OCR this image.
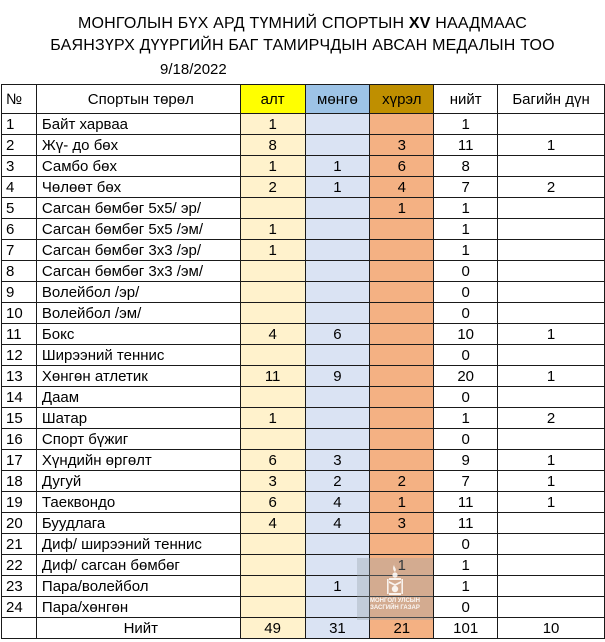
МОНГОЛЫН БҮХ АРД ТҮМНИЙ СПОРТЫН XV НААДМААС
БАЯНЗҮРХ ДҮҮРГИЙН БАГ ТАМИРЧДЫН АВСАН МЕДАЛЫН ТОО
9/18/2022
№	Спортын төрөл	алт	мөнгө	хүрэл	нийт	Багийн дүн
1	Байт харваа	1			1	
2	Жү- до бөх	8		3	11	1
3	Самбо бөх	1	1	6	8	
4	Чөлөөт бөх	2	1	4	7	2
5	Сагсан бөмбөг 5х5/ эр/			1	1	
6	Сагсан бөмбөг 5х5 /эм/	1			1	
7	Сагсан бөмбөг 3х3 /эр/	1			1	
8	Сагсан бөмбөг 3х3 /эм/				0	
9	Волейбол /эр/				0	
10	Волейбол /эм/				0	
11	Бокс	4	6		10	1
12	Ширээний теннис				0	
13	Хөнгөн атлетик	11	9		20	1
14	Даам				0	
15	Шатар	1			1	2
16	Спорт бүжиг				0	
17	Хүндийн өргөлт	6	3		9	1
18	Дугуй	3	2	2	7	1
19	Таеквондо	6	4	1	11	1
20	Буудлага	4	4	3	11	
21	Диф/ ширээний теннис				0	
22	Диф/ сагсан бөмбөг			1	1	
23	Пара/волейбол		1		1	
24	Пара/хөнгөн				0	
	Нийт	49	31	21	101	10
МОНГОЛ УЛСЫН ЗАСГИЙН ГАЗАР
